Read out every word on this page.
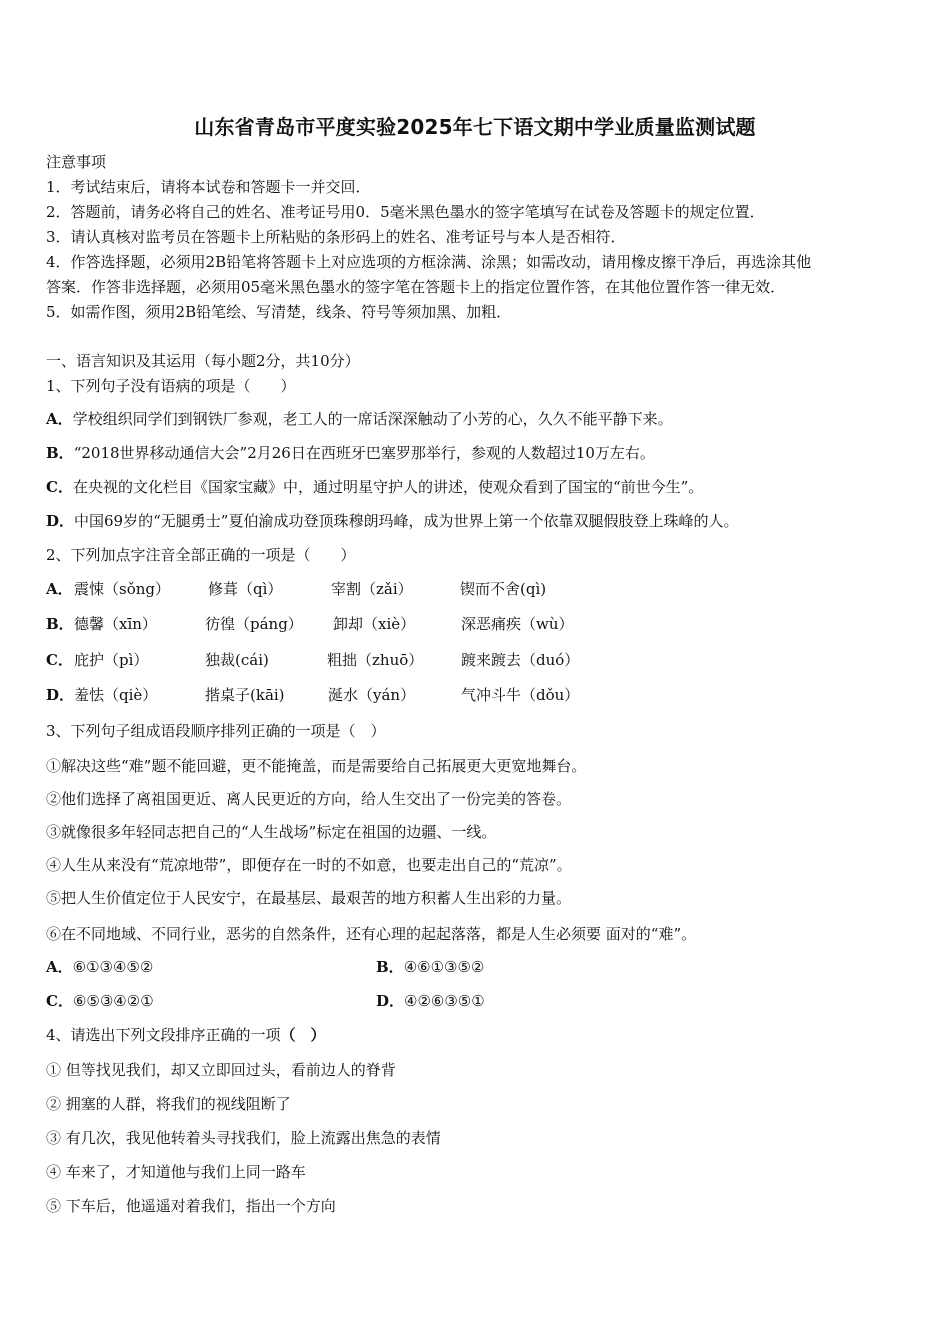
山东省青岛市平度实验2025年七下语文期中学业质量监测试题
注意事项
1．考试结束后，请将本试卷和答题卡一并交回．
2．答题前，请务必将自己的姓名、准考证号用0．5毫米黑色墨水的签字笔填写在试卷及答题卡的规定位置．
3．请认真核对监考员在答题卡上所粘贴的条形码上的姓名、准考证号与本人是否相符．
4．作答选择题，必须用2B铅笔将答题卡上对应选项的方框涂满、涂黑；如需改动，请用橡皮擦干净后，再选涂其他
答案．作答非选择题，必须用05毫米黑色墨水的签字笔在答题卡上的指定位置作答，在其他位置作答一律无效．
5．如需作图，须用2B铅笔绘、写清楚，线条、符号等须加黑、加粗．
一、语言知识及其运用（每小题2分，共10分）
1、下列句子没有语病的项是（　　）
A．学校组织同学们到钢铁厂参观，老工人的一席话深深触动了小芳的心，久久不能平静下来。
B．“2018世界移动通信大会”2月26日在西班牙巴塞罗那举行，参观的人数超过10万左右。
C．在央视的文化栏目《国家宝藏》中，通过明星守护人的讲述，使观众看到了国宝的“前世今生”。
D．中国69岁的“无腿勇士”夏伯渝成功登顶珠穆朗玛峰，成为世界上第一个依靠双腿假肢登上珠峰的人。
2、下列加点字注音全部正确的一项是（　　）
A． 震悚（sǒng）	修葺（qì）	宰割（zǎi）	锲而不舍(qì)
B． 德馨（xīn）	彷徨（páng） 卸却（xiè）	深恶痛疾（wù）
C． 庇护（pì）	独裁(cái)	粗拙（zhuō）	踱来踱去（duó）
D． 羞怯（qiè）	揩桌子(kāi)	涎水（yán）	气冲斗牛（dǒu）
3、下列句子组成语段顺序排列正确的一项是（　）
①解决这些“难”题不能回避，更不能掩盖，而是需要给自己拓展更大更宽地舞台。
②他们选择了离祖国更近、离人民更近的方向，给人生交出了一份完美的答卷。
③就像很多年轻同志把自己的“人生战场”标定在祖国的边疆、一线。
④人生从来没有“荒凉地带”，即便存在一时的不如意，也要走出自己的“荒凉”。
⑤把人生价值定位于人民安宁，在最基层、最艰苦的地方积蓄人生出彩的力量。
⑥在不同地域、不同行业，恶劣的自然条件，还有心理的起起落落，都是人生必须要 面对的“难”。
A．⑥①③④⑤②	B．④⑥①③⑤②
C．⑥⑤③④②①	D．④②⑥③⑤①
4、请选出下列文段排序正确的一项（　）
① 但等找见我们，却又立即回过头，看前边人的脊背
② 拥塞的人群，将我们的视线阻断了
③ 有几次，我见他转着头寻找我们，脸上流露出焦急的表情
④ 车来了，才知道他与我们上同一路车
⑤ 下车后，他遥遥对着我们，指出一个方向
